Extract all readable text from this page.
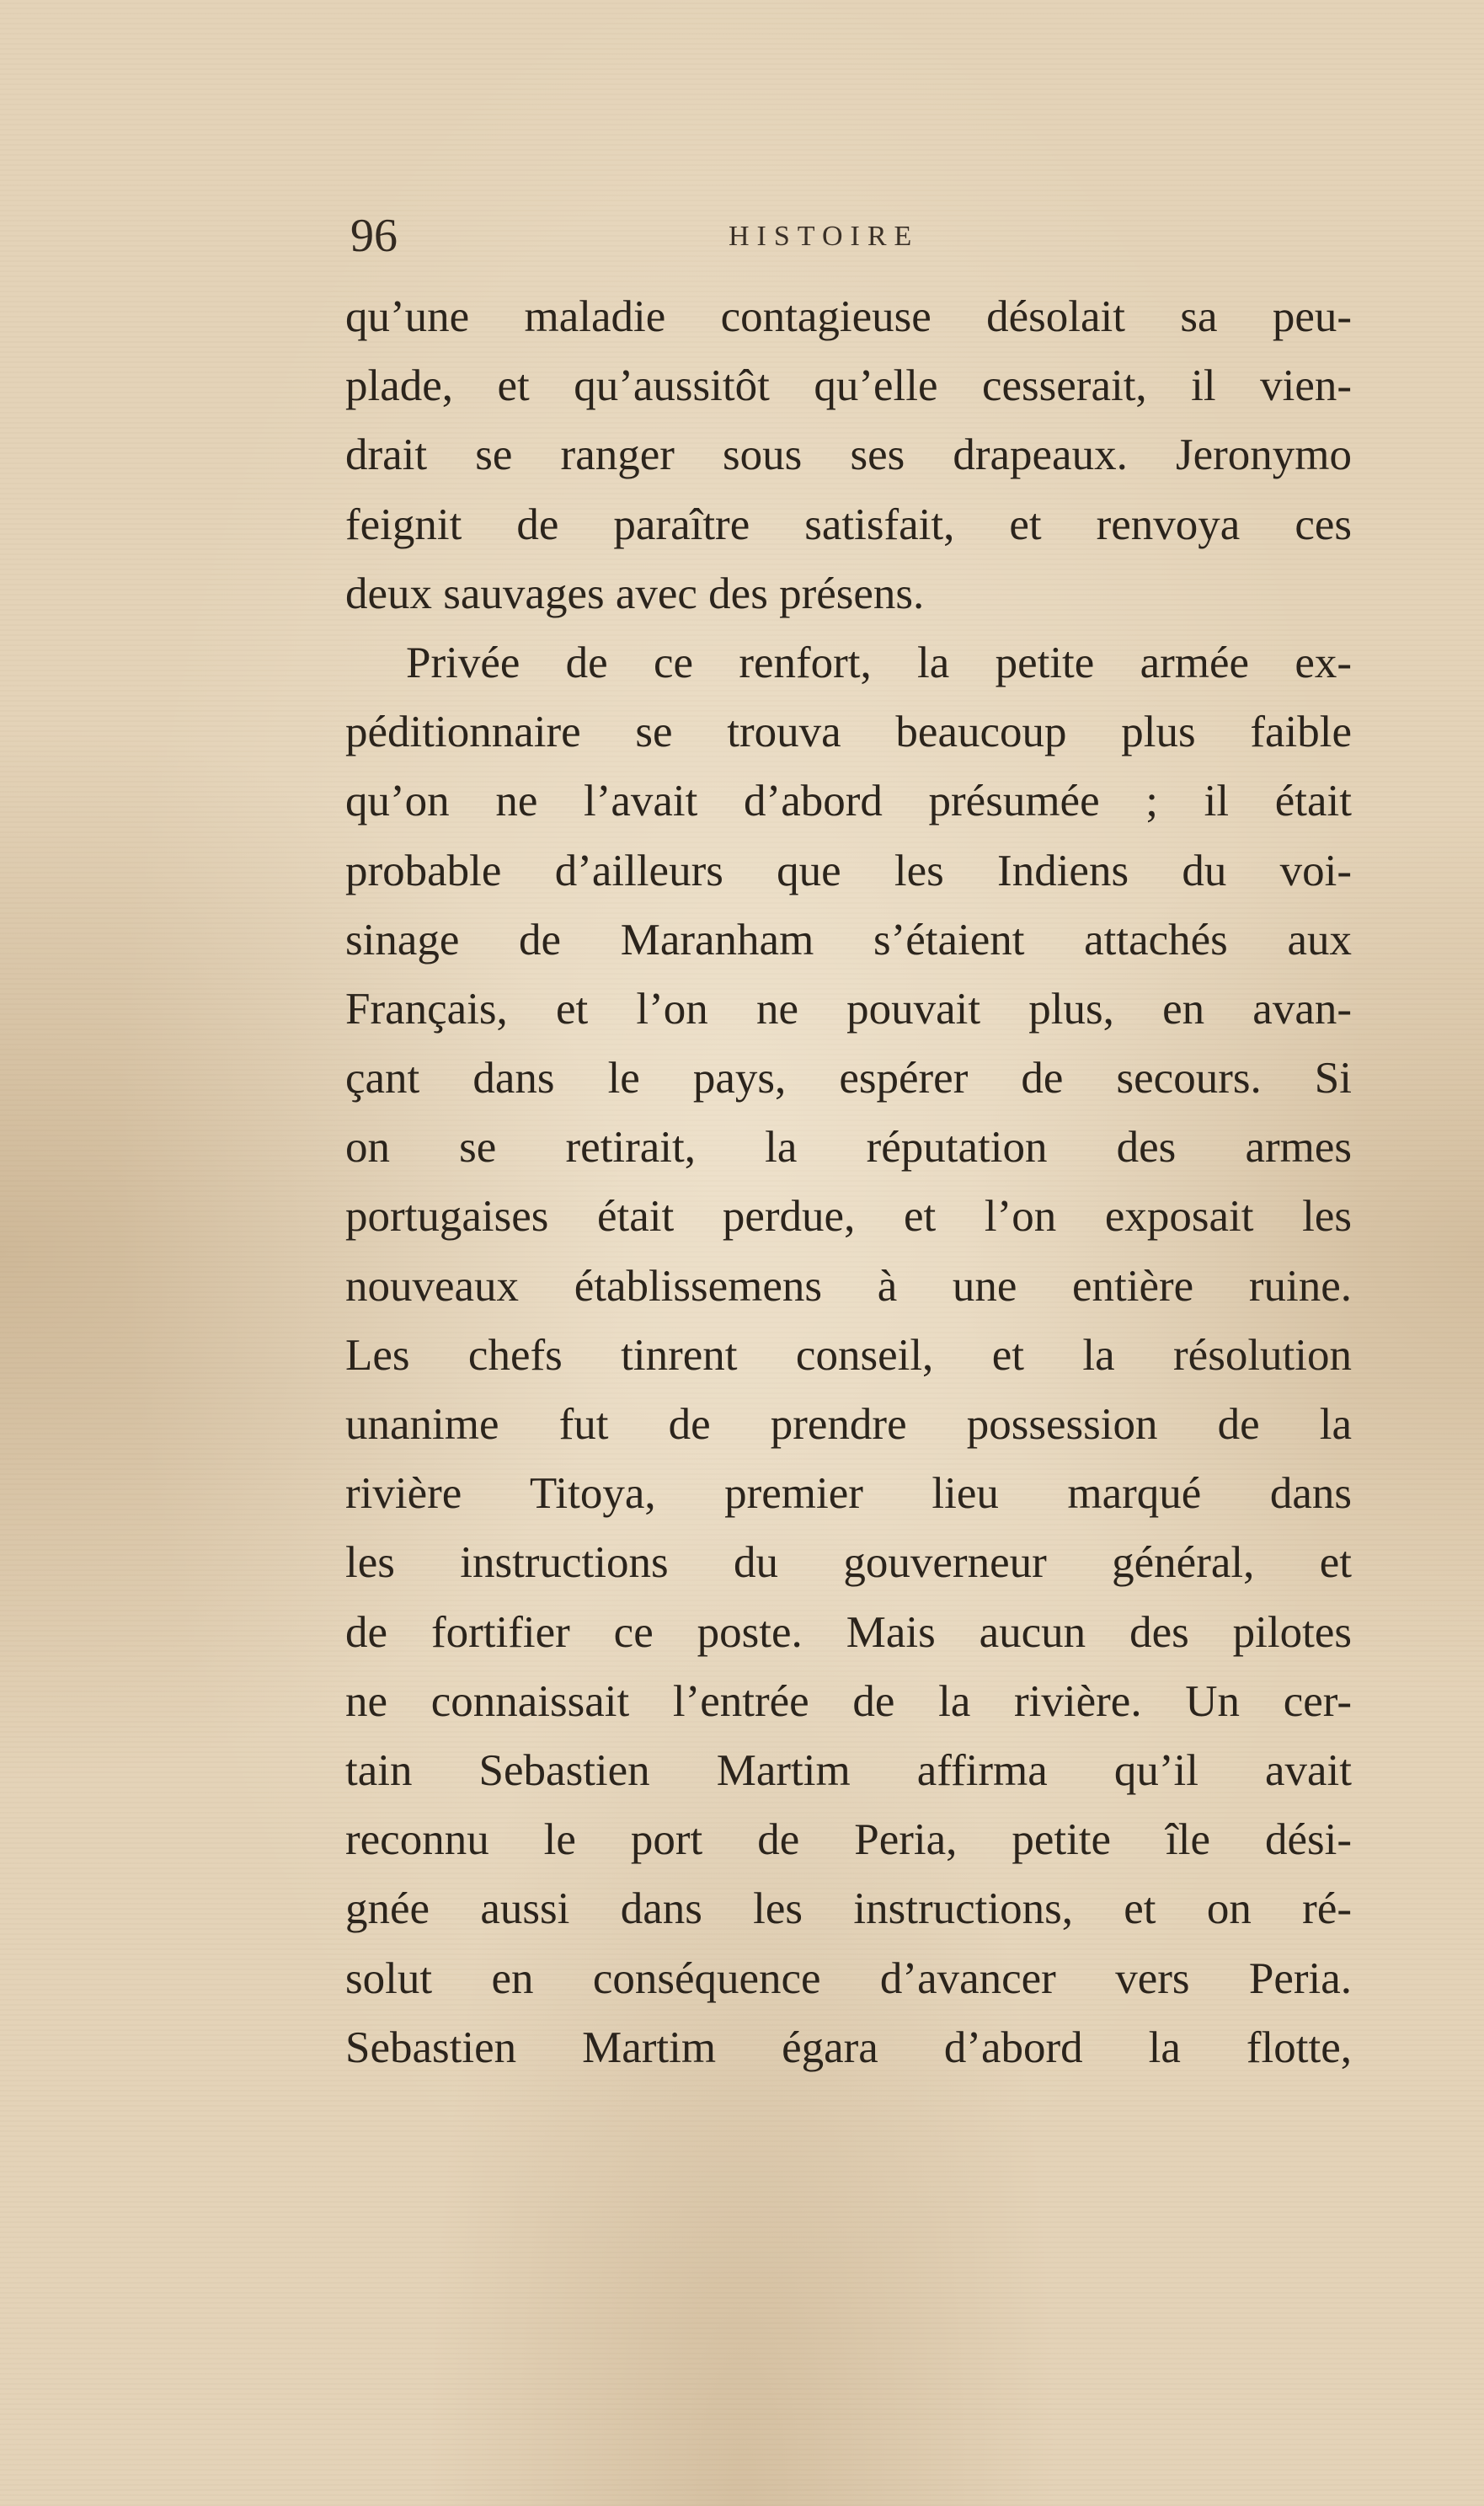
96	HISTOIRE
qu’une maladie contagieuse désolait sa peu-
plade, et qu’aussitôt qu’elle cesserait, il vien-
drait se ranger sous ses drapeaux. Jeronymo
feignit de paraître satisfait, et renvoya ces
deux sauvages avec des présens.
Privée de ce renfort, la petite armée ex-
péditionnaire se trouva beaucoup plus faible
qu’on ne l’avait d’abord présumée ; il était
probable d’ailleurs que les Indiens du voi-
sinage de Maranham s’étaient attachés aux
Français, et l’on ne pouvait plus, en avan-
çant dans le pays, espérer de secours. Si
on se retirait, la réputation des armes
portugaises était perdue, et l’on exposait les
nouveaux établissemens à une entière ruine.
Les chefs tinrent conseil, et la résolution
unanime fut de prendre possession de la
rivière Titoya, premier lieu marqué dans
les instructions du gouverneur général, et
de fortifier ce poste. Mais aucun des pilotes
ne connaissait l’entrée de la rivière. Un cer-
tain Sebastien Martim affirma qu’il avait
reconnu le port de Peria, petite île dési-
gnée aussi dans les instructions, et on ré-
solut en conséquence d’avancer vers Peria.
Sebastien Martim égara d’abord la flotte,
